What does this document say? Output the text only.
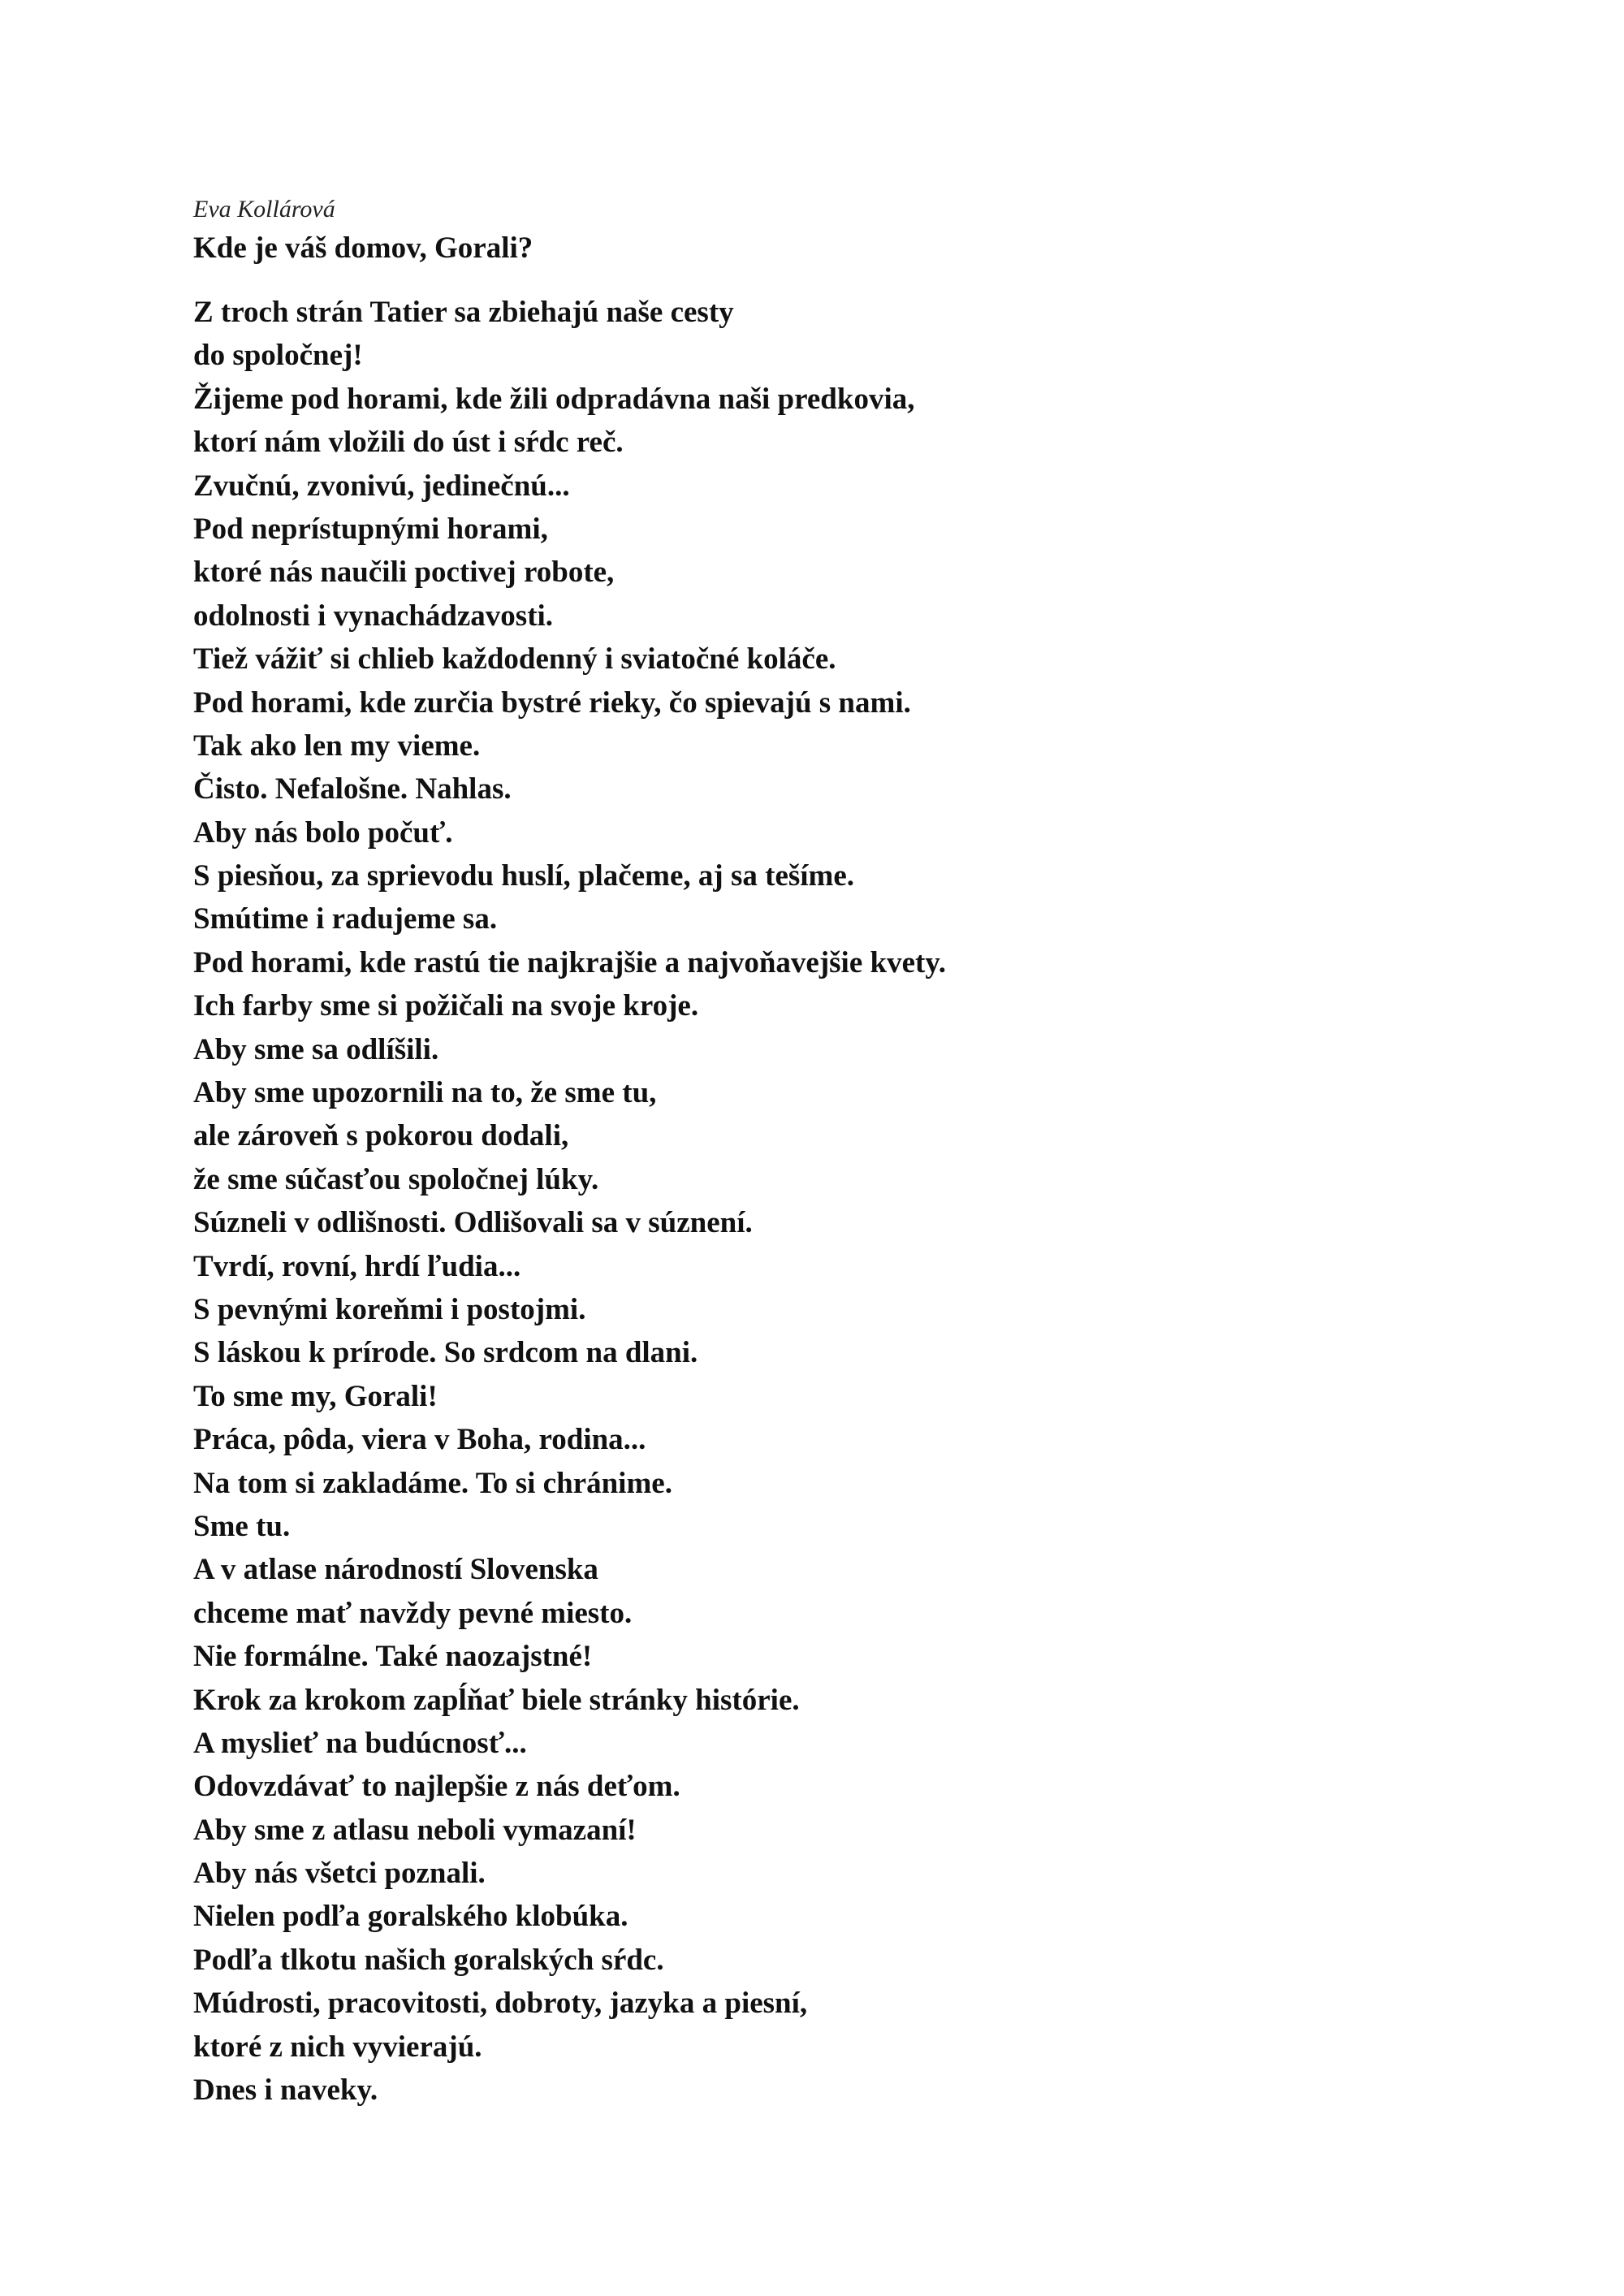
Eva Kollárová

Kde je váš domov, Gorali?
Z troch strán Tatier sa zbiehajú naše cesty
do spoločnej!
Žijeme pod horami, kde žili odpradávna naši predkovia,
ktorí nám vložili do úst i sŕdc reč.
Zvučnú, zvonivú, jedinečnú...
Pod neprístupnými horami,
ktoré nás naučili poctivej robote,
odolnosti i vynachádzavosti.
Tiež vážiť si chlieb každodenný i sviatočné koláče.
Pod horami, kde zurčia bystré rieky, čo spievajú s nami.
Tak ako len my vieme.
Čisto. Nefalošne. Nahlas.
Aby nás bolo počuť.
S piesňou, za sprievodu huslí, plačeme, aj sa tešíme.
Smútime i radujeme sa.
Pod horami, kde rastú tie najkrajšie a najvoňavejšie kvety.
Ich farby sme si požičali na svoje kroje.
Aby sme sa odlíšili.
Aby sme upozornili na to, že sme tu,
ale zároveň s pokorou dodali,
že sme súčasťou spoločnej lúky.
Súzneli v odlišnosti. Odlišovali sa v súznení.
Tvrdí, rovní, hrdí ľudia...
S pevnými koreňmi i postojmi.
S láskou k prírode. So srdcom na dlani.
To sme my, Gorali!
Práca, pôda, viera v Boha, rodina...
Na tom si zakladáme. To si chránime.
Sme tu.
A v atlase národností Slovenska
chceme mať navždy pevné miesto.
Nie formálne. Také naozajstné!
Krok za krokom zapĺňať biele stránky histórie.
A myslieť na budúcnosť...
Odovzdávať to najlepšie z nás deťom.
Aby sme z atlasu neboli vymazaní!
Aby nás všetci poznali.
Nielen podľa goralského klobúka.
Podľa tlkotu našich goralských sŕdc.
Múdrosti, pracovitosti, dobroty, jazyka a piesní,
ktoré z nich vyvierajú.
Dnes i naveky.
